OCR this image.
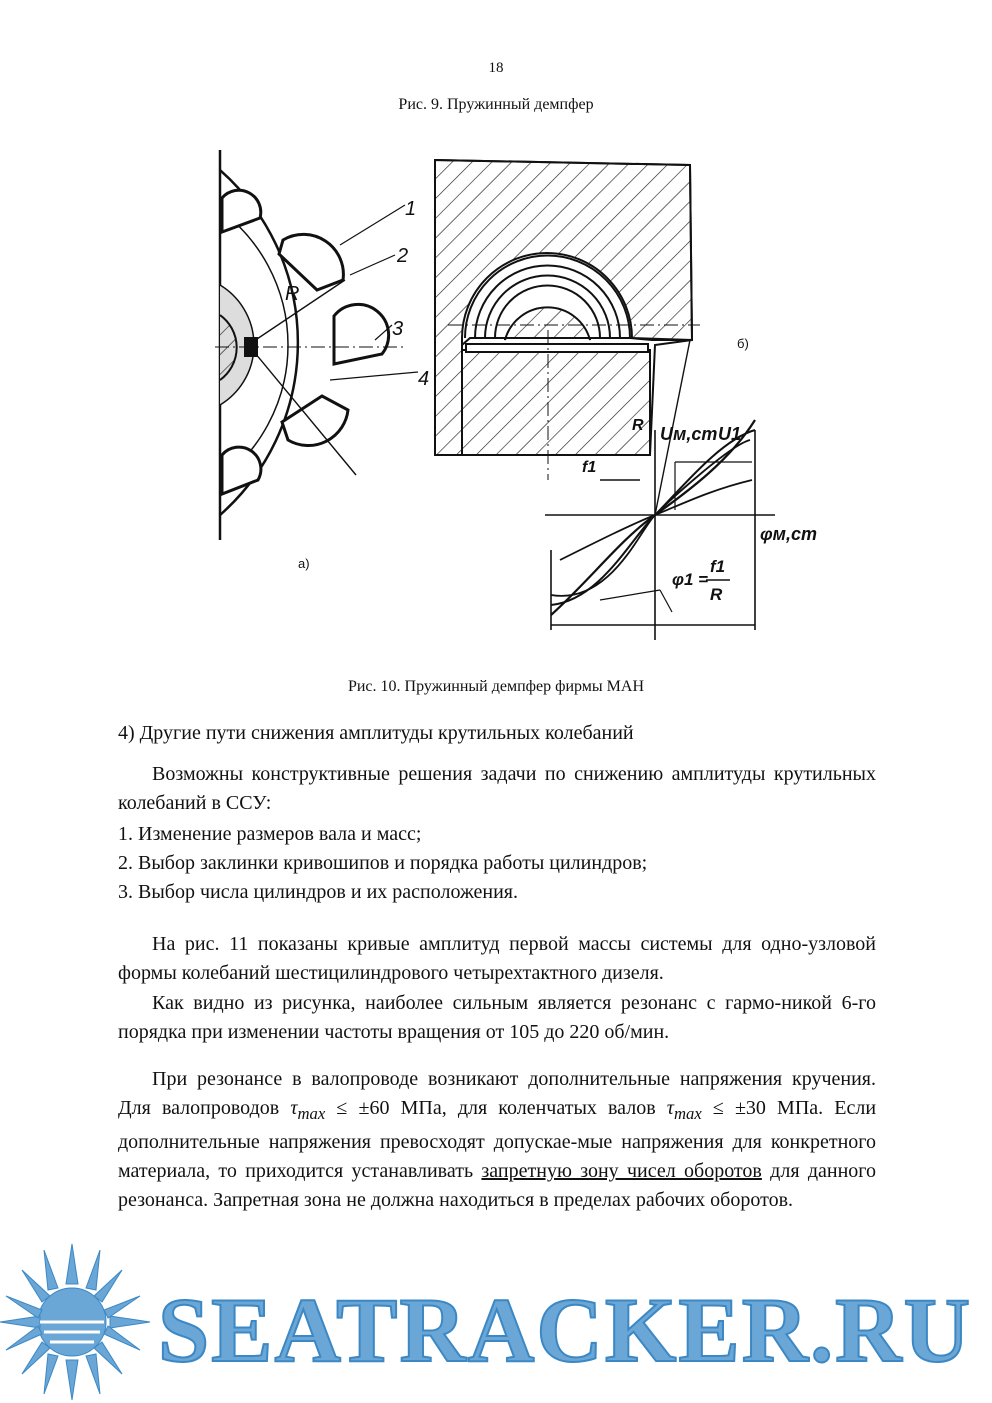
18
Рис. 9. Пружинный демпфер
1
2
3
4
R
а)
б)
Uм,cm U1
φм,cm
f1
R
φ1 =
f1
R
Рис. 10. Пружинный демпфер фирмы МАН
4) Другие пути снижения амплитуды крутильных колебаний
Возможны конструктивные решения задачи по снижению амплитуды крутильных колебаний в ССУ:
1. Изменение размеров вала и масс;
2. Выбор заклинки кривошипов и порядка работы цилиндров;
3. Выбор числа цилиндров и их расположения.
На рис. 11 показаны кривые амплитуд первой массы системы для одно-узловой формы колебаний шестицилиндрового четырехтактного дизеля.
Как видно из рисунка, наиболее сильным является резонанс с гармо-никой 6-го порядка при изменении частоты вращения от 105 до 220 об/мин.
При резонансе в валопроводе возникают дополнительные напряжения кручения. Для валопроводов $\tau_{max} \le \pm 60$ МПа, для коленчатых валов $\tau_{max} \le \pm 30$ МПа. Если дополнительные напряжения превосходят допускае-мые напряжения для конкретного материала, то приходится устанавливать запретную зону чисел оборотов для данного резонанса. Запретная зона не должна находиться в пределах рабочих оборотов.
SEATRACKER.RU
